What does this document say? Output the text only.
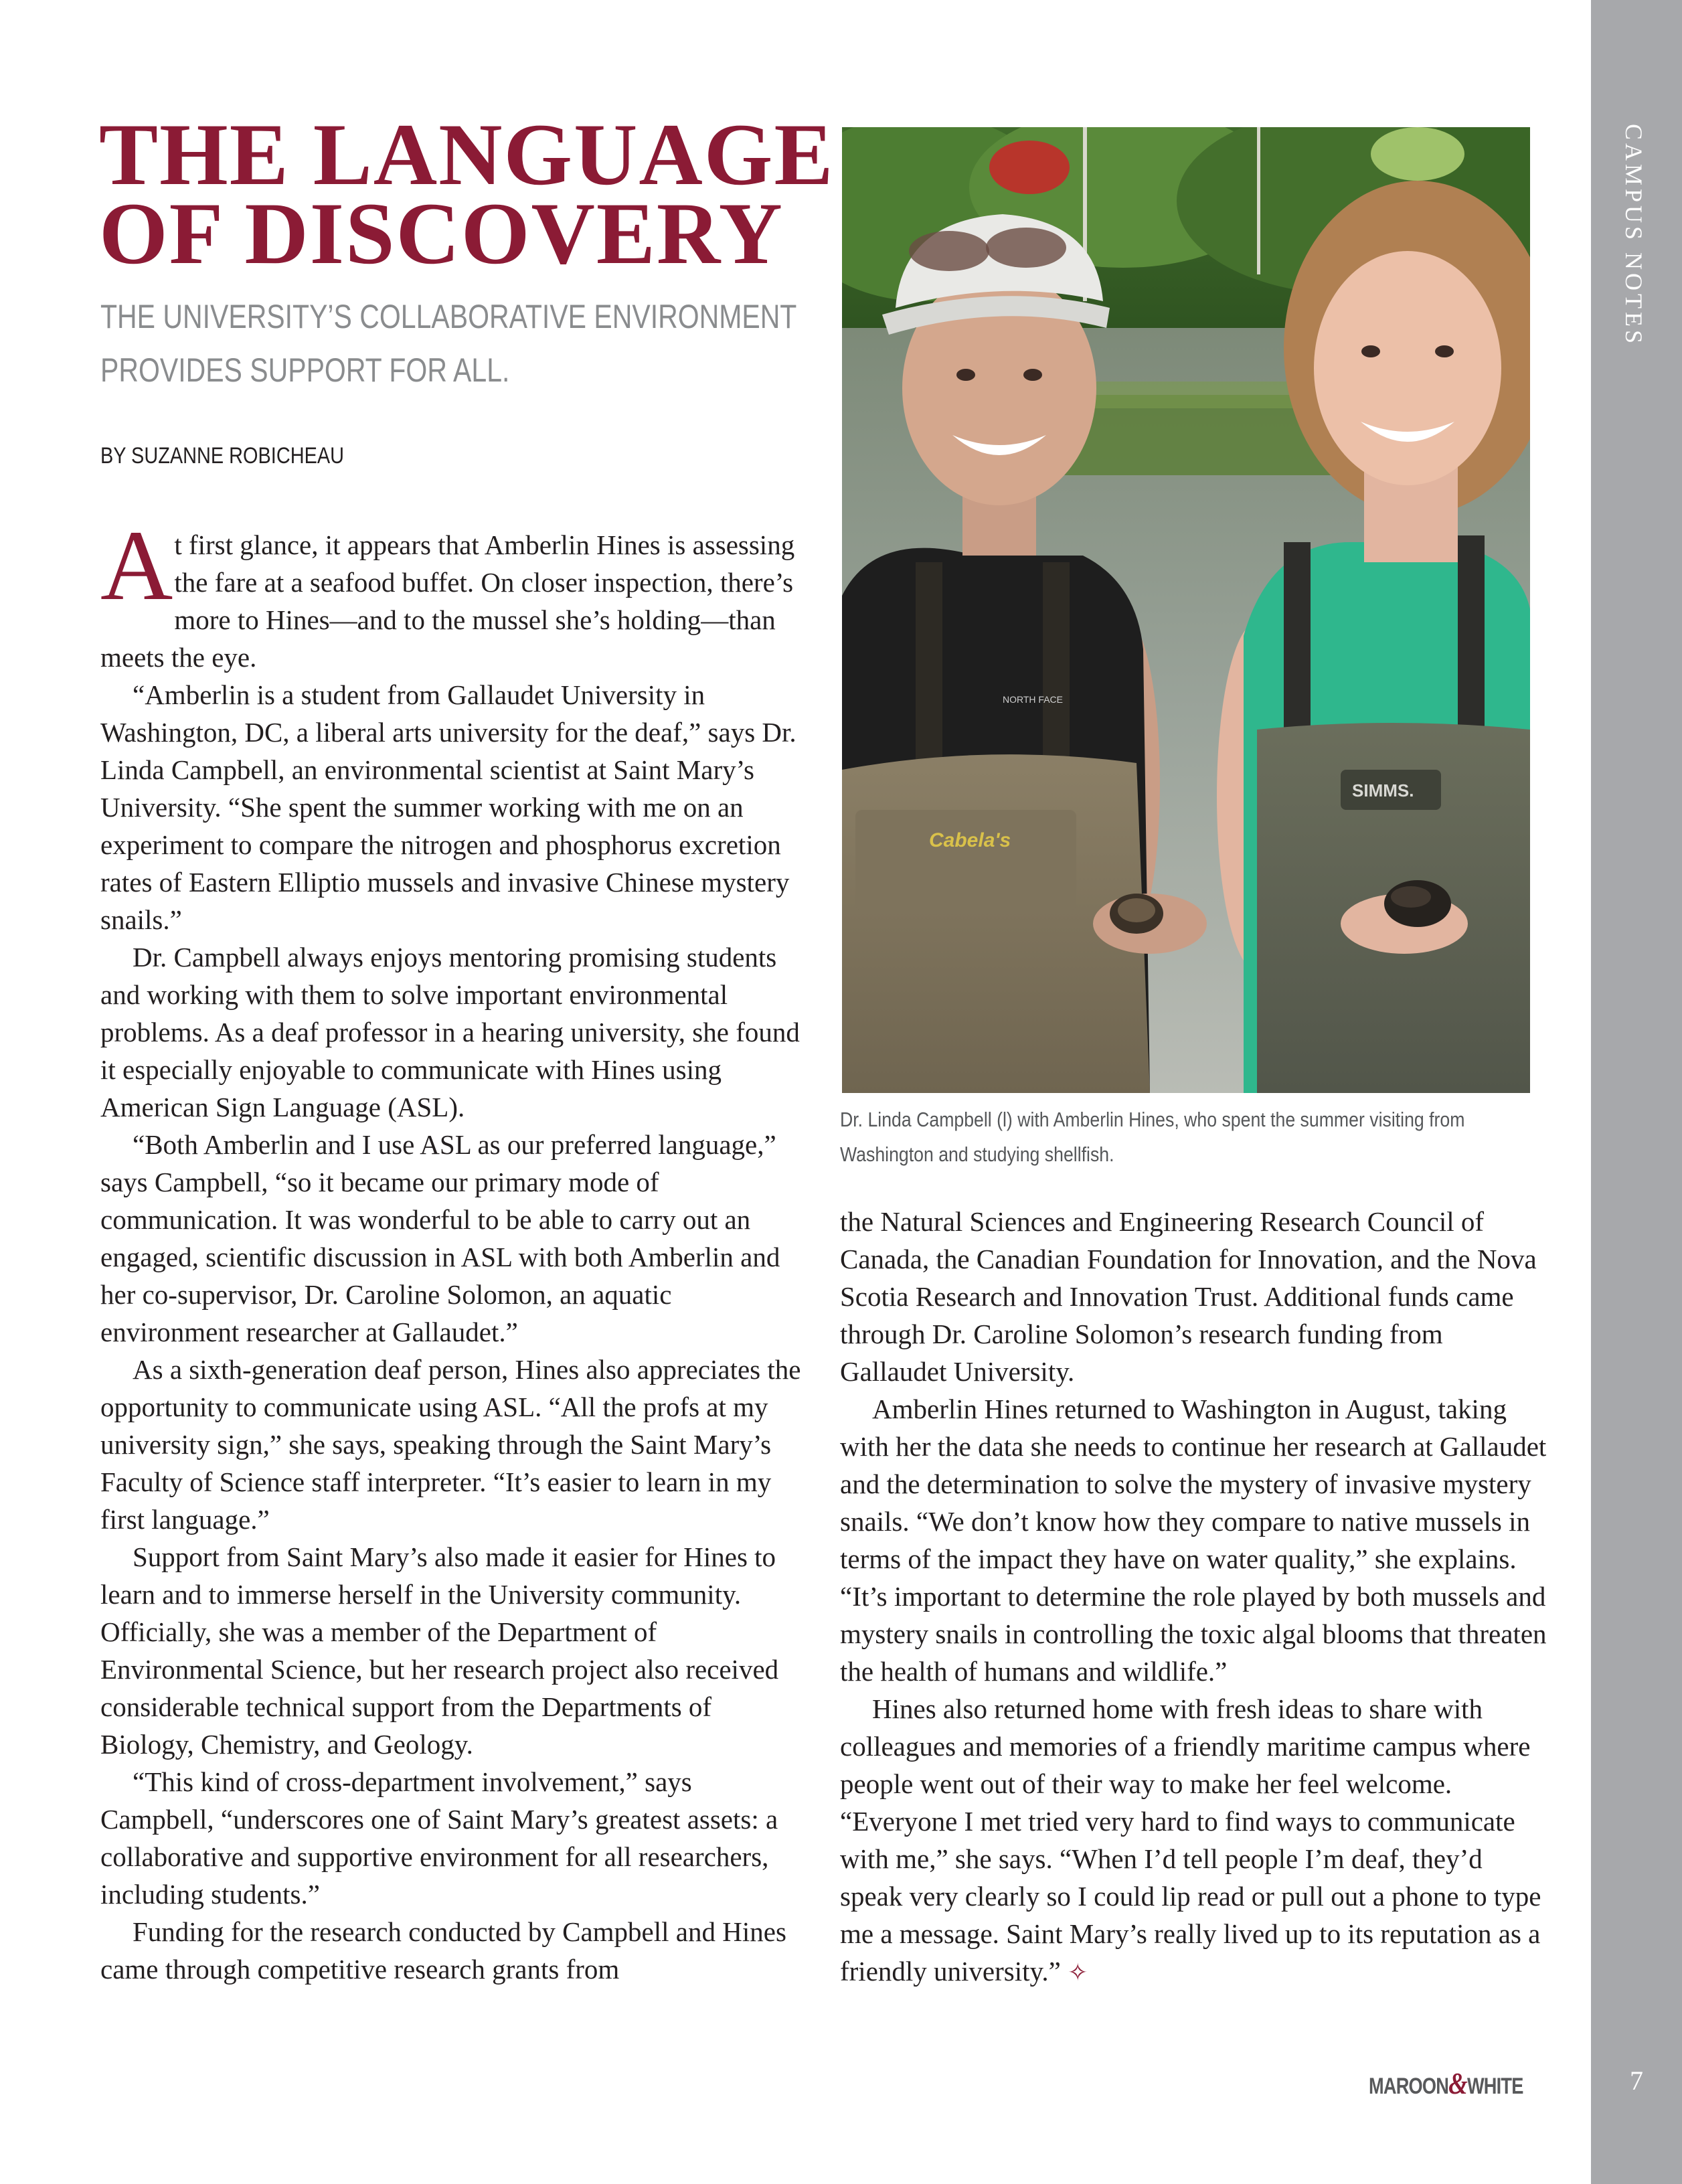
CAMPUS NOTES
7
THE LANGUAGE
OF DISCOVERY
THE UNIVERSITY’S COLLABORATIVE ENVIRONMENT
PROVIDES SUPPORT FOR ALL.
BY SUZANNE ROBICHEAU

At first glance, it appears that Amberlin Hines is assessing the fare at a seafood buffet. On closer inspection, there’s more to Hines—and to the mussel she’s holding—than meets the eye.

“Amberlin is a student from Gallaudet University in Washington, DC, a liberal arts university for the deaf,” says Dr. Linda Campbell, an environmental scientist at Saint Mary’s University. “She spent the summer working with me on an experiment to compare the nitrogen and phosphorus excretion rates of Eastern Elliptio mussels and invasive Chinese mystery snails.”

Dr. Campbell always enjoys mentoring promising students and working with them to solve important environmental problems. As a deaf professor in a hearing university, she found it especially enjoyable to communicate with Hines using American Sign Language (ASL).

“Both Amberlin and I use ASL as our preferred language,” says Campbell, “so it became our primary mode of communication. It was wonderful to be able to carry out an engaged, scientific discussion in ASL with both Amberlin and her co-supervisor, Dr. Caroline Solomon, an aquatic environment researcher at Gallaudet.”

As a sixth-generation deaf person, Hines also appreciates the opportunity to communicate using ASL. “All the profs at my university sign,” she says, speaking through the Saint Mary’s Faculty of Science staff interpreter. “It’s easier to learn in my first language.”

Support from Saint Mary’s also made it easier for Hines to learn and to immerse herself in the University community. Officially, she was a member of the Department of Environmental Science, but her research project also received considerable technical support from the Departments of Biology, Chemistry, and Geology.

“This kind of cross-department involvement,” says Campbell, “underscores one of Saint Mary’s greatest assets: a collaborative and supportive environment for all researchers, including students.”

Funding for the research conducted by Campbell and Hines came through competitive research grants from

Cabela's
NORTH FACE
SIMMS.
Dr. Linda Campbell (l) with Amberlin Hines, who spent the summer visiting from
Washington and studying shellfish.

the Natural Sciences and Engineering Research Council of Canada, the Canadian Foundation for Innovation, and the Nova Scotia Research and Innovation Trust. Additional funds came through Dr. Caroline Solomon’s research funding from Gallaudet University.

Amberlin Hines returned to Washington in August, taking with her the data she needs to continue her research at Gallaudet and the determination to solve the mystery of invasive mystery snails. “We don’t know how they compare to native mussels in terms of the impact they have on water quality,” she explains. “It’s important to determine the role played by both mussels and mystery snails in controlling the toxic algal blooms that threaten the health of humans and wildlife.”

Hines also returned home with fresh ideas to share with colleagues and memories of a friendly maritime campus where people went out of their way to make her feel welcome. “Everyone I met tried very hard to find ways to communicate with me,” she says. “When I’d tell people I’m deaf, they’d speak very clearly so I could lip read or pull out a phone to type me a message. Saint Mary’s really lived up to its reputation as a friendly university.” ✧

MAROON&WHITE
